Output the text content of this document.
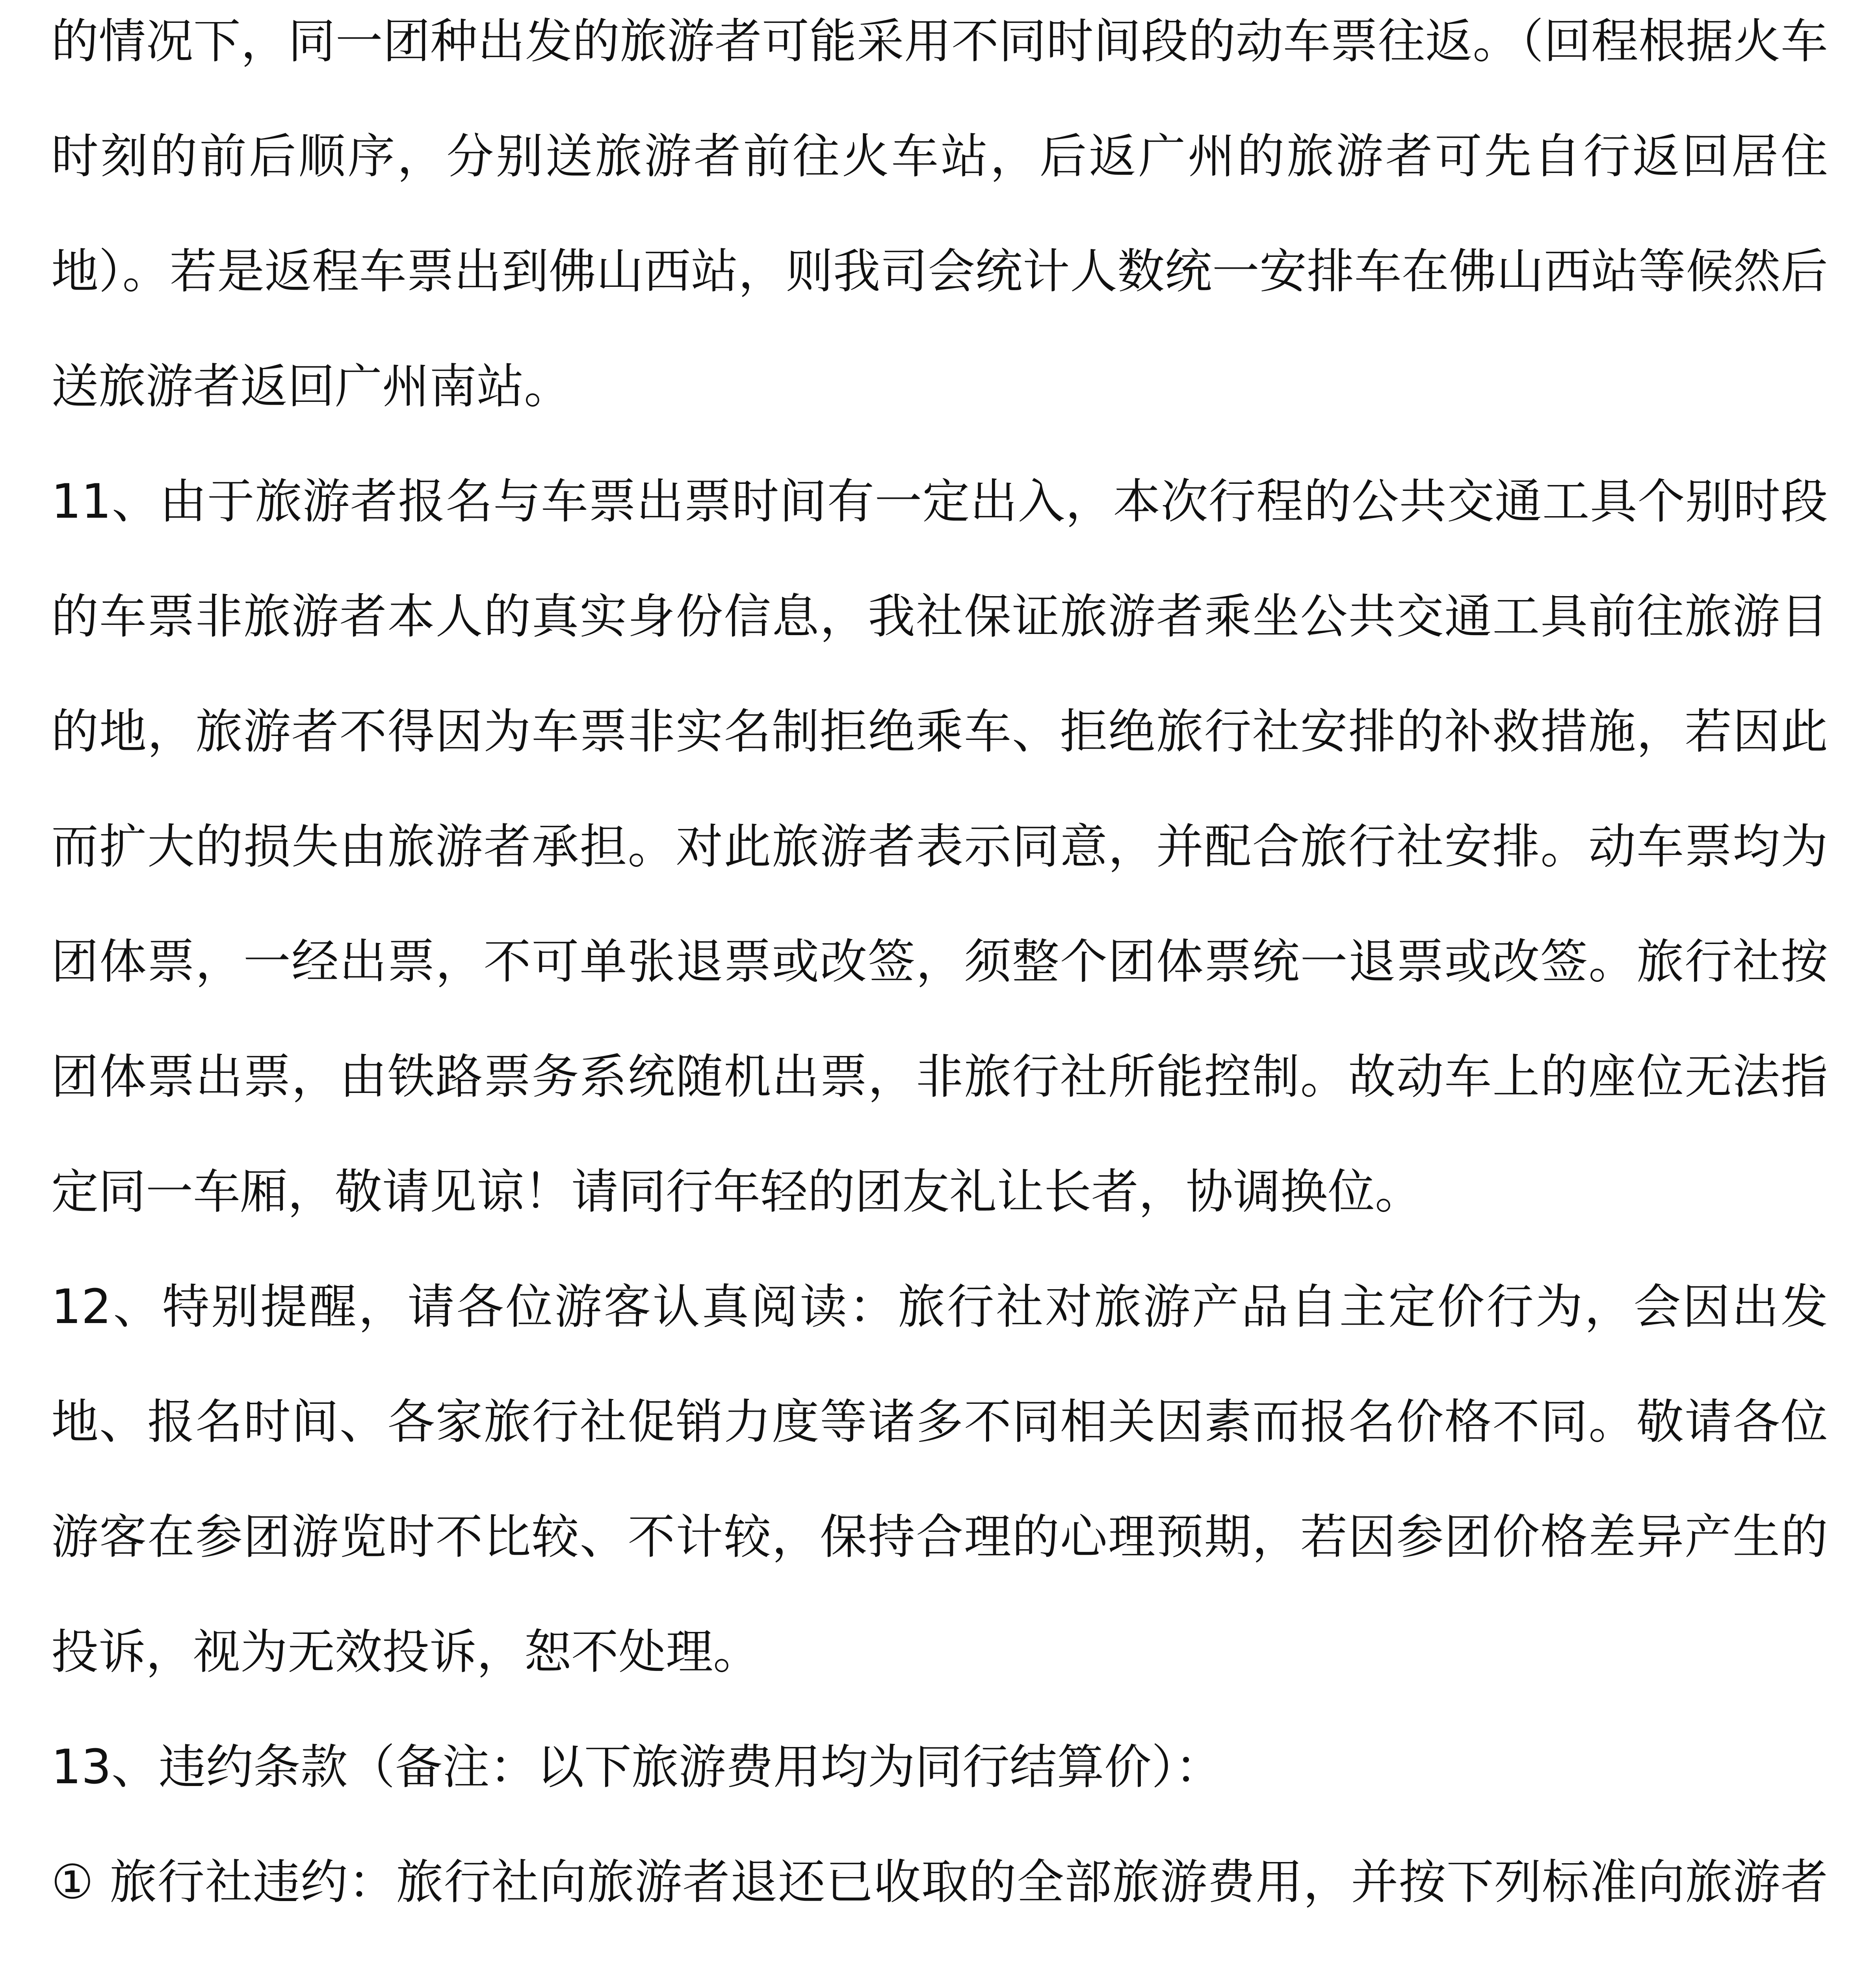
的情况下，同一团种出发的旅游者可能采用不同时间段的动车票往返。（回程根据火车时刻的前后顺序，分别送旅游者前往火车站，后返广州的旅游者可先自行返回居住地）。若是返程车票出到佛山西站，则我司会统计人数统一安排车在佛山西站等候然后送旅游者返回广州南站。

11、由于旅游者报名与车票出票时间有一定出入，本次行程的公共交通工具个别时段的车票非旅游者本人的真实身份信息，我社保证旅游者乘坐公共交通工具前往旅游目的地，旅游者不得因为车票非实名制拒绝乘车、拒绝旅行社安排的补救措施，若因此而扩大的损失由旅游者承担。对此旅游者表示同意，并配合旅行社安排。动车票均为团体票，一经出票，不可单张退票或改签，须整个团体票统一退票或改签。旅行社按团体票出票，由铁路票务系统随机出票，非旅行社所能控制。故动车上的座位无法指定同一车厢，敬请见谅！请同行年轻的团友礼让长者，协调换位。

12、特别提醒，请各位游客认真阅读：旅行社对旅游产品自主定价行为，会因出发地、报名时间、各家旅行社促销力度等诸多不同相关因素而报名价格不同。敬请各位游客在参团游览时不比较、不计较，保持合理的心理预期，若因参团价格差异产生的投诉，视为无效投诉，恕不处理。

13、违约条款（备注：以下旅游费用均为同行结算价）：

① 旅行社违约：旅行社向旅游者退还已收取的全部旅游费用，并按下列标准向旅游者
